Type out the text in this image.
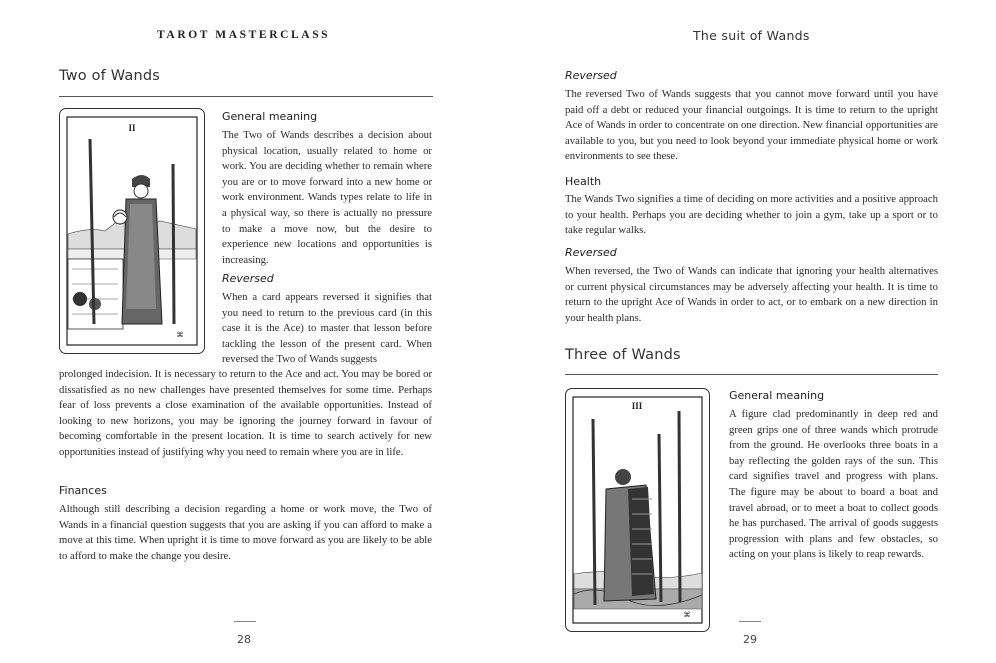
TAROT MASTERCLASS
Two of Wands
II
⌘
General meaning
The Two of Wands describes a decision about physical location, usually related to home or work. You are deciding whether to remain where you are or to move forward into a new home or work environment. Wands types relate to life in a physical way, so there is actually no pressure to make a move now, but the desire to experience new locations and opportunities is increasing.
Reversed
When a card appears reversed it signifies that you need to return to the previous card (in this case it is the Ace) to master that lesson before tackling the lesson of the present card. When reversed the Two of Wands suggests
prolonged indecision. It is necessary to return to the Ace and act. You may be bored or dissatisfied as no new challenges have presented themselves for some time. Perhaps fear of loss prevents a close examination of the available opportunities. Instead of looking to new horizons, you may be ignoring the journey forward in favour of becoming comfortable in the present location. It is time to search actively for new opportunities instead of justifying why you need to remain where you are in life.
Finances
Although still describing a decision regarding a home or work move, the Two of Wands in a financial question suggests that you are asking if you can afford to make a move at this time. When upright it is time to move forward as you are likely to be able to afford to make the change you desire.
28
The suit of Wands
Reversed
The reversed Two of Wands suggests that you cannot move forward until you have paid off a debt or reduced your financial outgoings. It is time to return to the upright Ace of Wands in order to concentrate on one direction. New financial opportunities are available to you, but you need to look beyond your immediate physical home or work environments to see these.
Health
The Wands Two signifies a time of deciding on more activities and a positive approach to your health. Perhaps you are deciding whether to join a gym, take up a sport or to take regular walks.
Reversed
When reversed, the Two of Wands can indicate that ignoring your health alternatives or current physical circumstances may be adversely affecting your health. It is time to return to the upright Ace of Wands in order to act, or to embark on a new direction in your health plans.
Three of Wands
III
⌘
General meaning
A figure clad predominantly in deep red and green grips one of three wands which protrude from the ground. He overlooks three boats in a bay reflecting the golden rays of the sun. This card signifies travel and progress with plans. The figure may be about to board a boat and travel abroad, or to meet a boat to collect goods he has purchased. The arrival of goods suggests progression with plans and few obstacles, so acting on your plans is likely to reap rewards.
29
